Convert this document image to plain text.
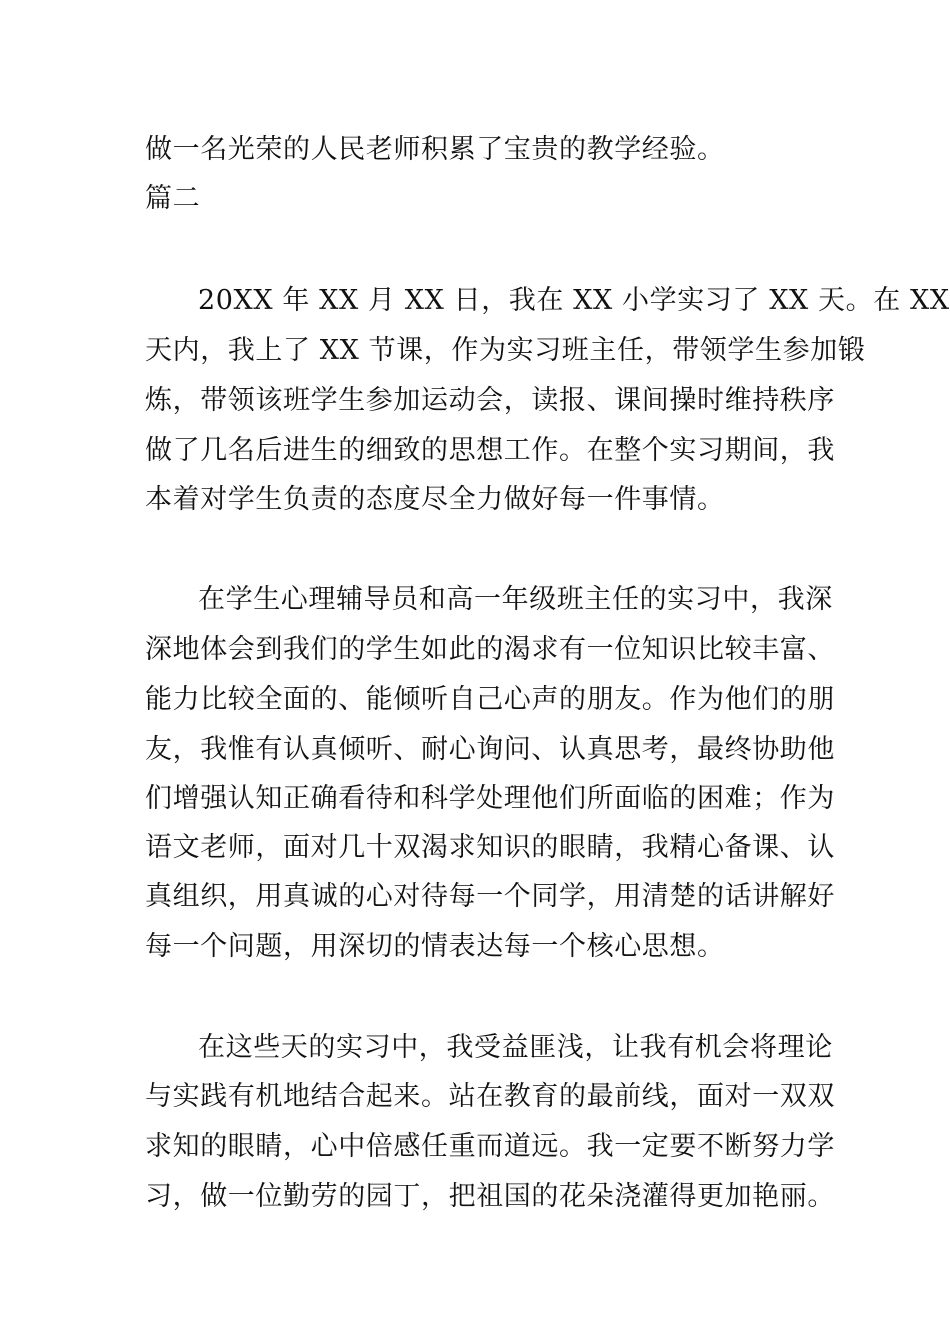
做一名光荣的人民老师积累了宝贵的教学经验。
篇二
20XX 年 XX 月 XX 日，我在 XX 小学实习了 XX 天。在 XX
天内，我上了 XX 节课，作为实习班主任，带领学生参加锻
炼，带领该班学生参加运动会，读报、课间操时维持秩序
做了几名后进生的细致的思想工作。在整个实习期间，我
本着对学生负责的态度尽全力做好每一件事情。
在学生心理辅导员和高一年级班主任的实习中，我深
深地体会到我们的学生如此的渴求有一位知识比较丰富、
能力比较全面的、能倾听自己心声的朋友。作为他们的朋
友，我惟有认真倾听、耐心询问、认真思考，最终协助他
们增强认知正确看待和科学处理他们所面临的困难；作为
语文老师，面对几十双渴求知识的眼睛，我精心备课、认
真组织，用真诚的心对待每一个同学，用清楚的话讲解好
每一个问题，用深切的情表达每一个核心思想。
在这些天的实习中，我受益匪浅，让我有机会将理论
与实践有机地结合起来。站在教育的最前线，面对一双双
求知的眼睛，心中倍感任重而道远。我一定要不断努力学
习，做一位勤劳的园丁，把祖国的花朵浇灌得更加艳丽。
